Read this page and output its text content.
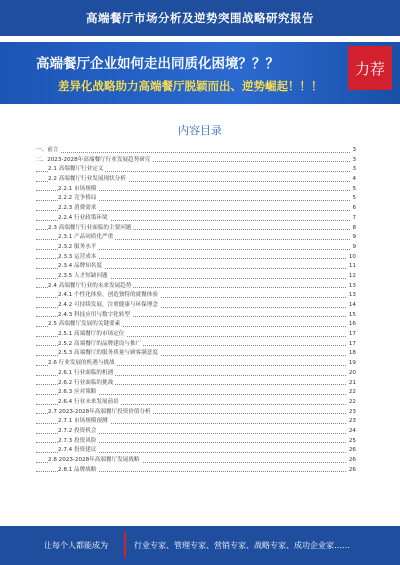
高端餐厅市场分析及逆势突围战略研究报告
高端餐厅企业如何走出同质化困境？？？
差异化战略助力高端餐厅脱颖而出、逆势崛起！！！
力荐
内容目录
一、前言	3
二、2023-2028年高端餐厅行业发展趋势研究	3
2.1 高端餐厅行业定义	3
2.2 高端餐厅行业发展现状分析	4
2.2.1 市场规模	5
2.2.2 竞争格局	5
2.2.3 消费需求	6
2.2.4 行业政策环境	7
2.3 高端餐厅行业面临的主要问题	8
2.3.1 产品同质化严重	9
2.3.2 服务水平	9
2.3.3 运营成本	10
2.3.4 品牌知名度	11
2.3.5 人才短缺问题	12
2.4 高端餐厅行业的未来发展趋势	13
2.4.1 个性化体验，创造独特的就餐体验	13
2.4.2 可持续发展，注重健康与环保理念	14
2.4.3 科技应用与数字化转型	15
2.5 高端餐厅发展的关键要素	16
2.5.1 高端餐厅的市场定位	17
2.5.2 高端餐厅的品牌建设与推广	17
2.5.3 高端餐厅的服务质量与顾客满意度	18
2.6 行业发展的机遇与挑战	19
2.6.1 行业面临的机遇	20
2.6.2 行业面临的挑战	21
2.6.3 应对策略	22
2.6.4 行业未来发展前景	22
2.7 2023-2028年高端餐厅投资价值分析	23
2.7.1 市场规模预测	23
2.7.2 投资机会	24
2.7.3 投资风险	25
2.7.4 投资建议	26
2.8 2023-2028年高端餐厅发展战略	26
2.8.1 品牌战略	26
让每个人都能成为	行业专家、管理专家、营销专家、战略专家、成功企业家……
